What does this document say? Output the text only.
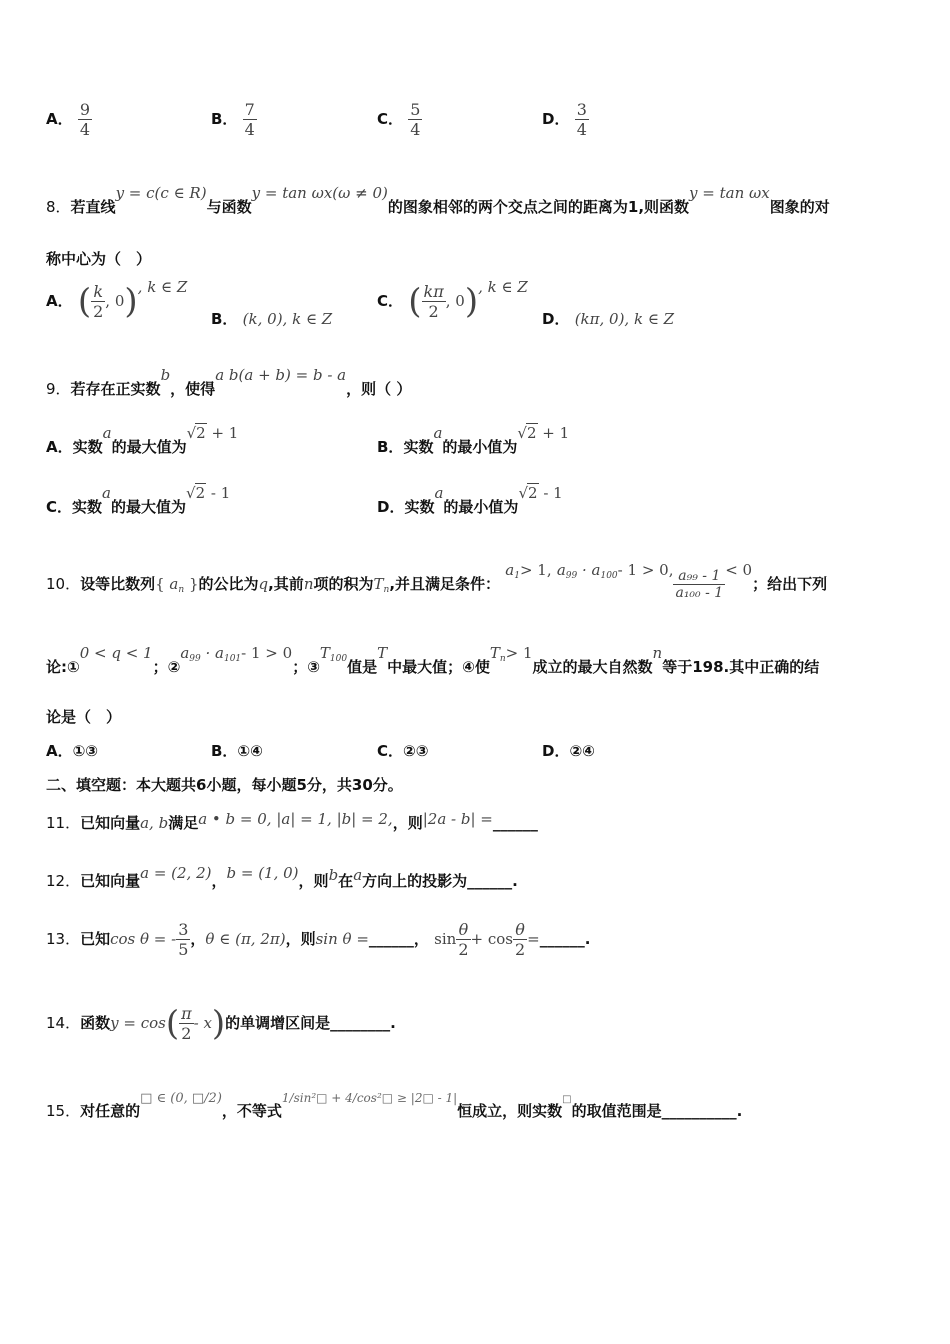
A． $\frac{9}{4}$	B． $\frac{7}{4}$	C． $\frac{5}{4}$	D． $\frac{3}{4}$
8．若直线y = c(c ∈ R)与函数y = tan ωx(ω ≠ 0)的图象相邻的两个交点之间的距离为1,则函数y = tan ωx图象的对
称中心为（　）
A． ( $\frac{k}{2}$ , 0), k ∈ Z
B． (k, 0), k ∈ Z
C． ( $\frac{k\pi}{2}$ , 0), k ∈ Z
D． (kπ, 0), k ∈ Z
9．若存在正实数b，使得a b(a + b) = b - a，则（ ）
A．实数a的最大值为√2 + 1
B．实数a的最小值为√2 + 1
C．实数a的最大值为√2 - 1
D．实数a的最小值为√2 - 1
10．设等比数列{ $a_n$ }的公比为q,其前n项的积为$T_n$,并且满足条件： $a_1> 1$, $a_{99} \cdot a_{100}-$ 1 > 0, $\frac{\text{a₉₉ - 1}}{\text{a₁₀₀ - 1}} < 0$；给出下列
论:①0 < q < 1；$②a_{99} \cdot a_{101}-$ 1 > 0；$③T_{100}$值是T中最大值；④使$T_n> 1$成立的最大自然数n等于198.其中正确的结
论是（　）
A．①③	B．①④	C．②③	D．②④
二、填空题：本大题共6小题，每小题5分，共30分。
11．已知向量a, b满足a • b = 0, |a| = 1, |b| = 2,，则|2a - b| =______
12．已知向量a = (2, 2)，b = (1, 0)，则b在a方向上的投影为______.
13．已知cos θ = - $\frac{3}{5}$ ，θ ∈ (π, 2π)，则sin θ =______， $\sin \frac{\theta}{2} + \cos \frac{\theta}{2}$ =______.
14．函数$y = \cos( \frac{\pi}{2} - x)$的单调增区间是________.
15．对任意的□ ∈ (0, □/2)，不等式$^{1/sin^2□ + 4/cos^2□ \ge |2□ - 1|}$恒成立，则实数□的取值范围是__________.
